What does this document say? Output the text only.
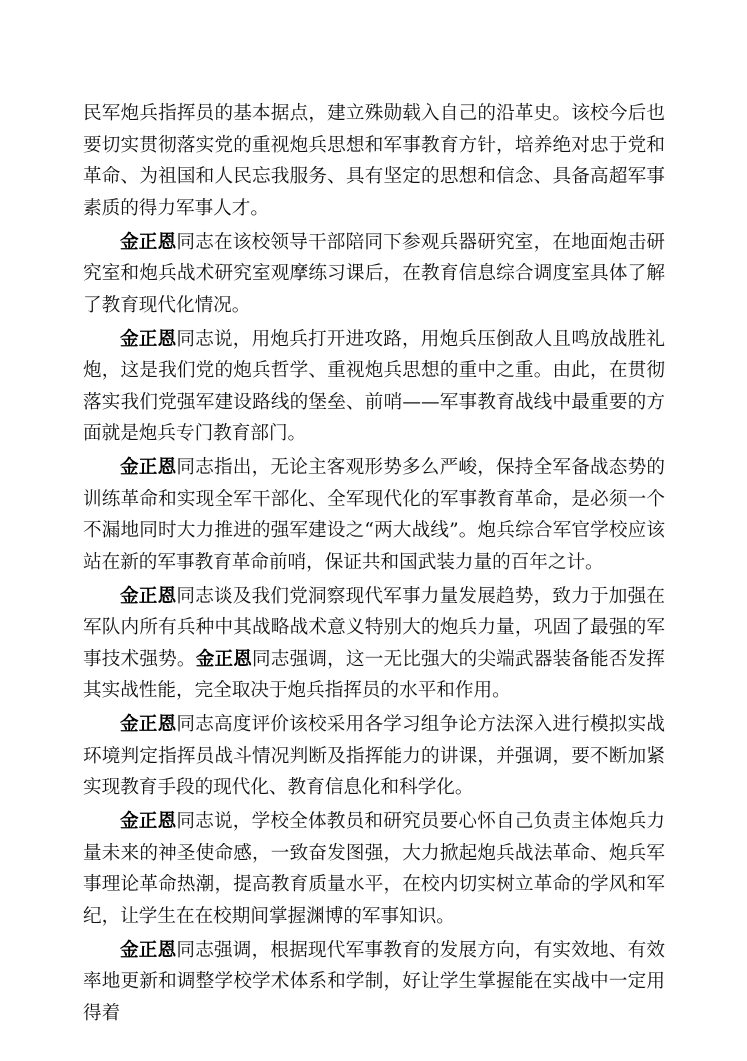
民军炮兵指挥员的基本据点，建立殊勋载入自己的沿革史。该校今后也要切实贯彻落实党的重视炮兵思想和军事教育方针，培养绝对忠于党和革命、为祖国和人民忘我服务、具有坚定的思想和信念、具备高超军事素质的得力军事人才。

金正恩同志在该校领导干部陪同下参观兵器研究室，在地面炮击研究室和炮兵战术研究室观摩练习课后，在教育信息综合调度室具体了解了教育现代化情况。

金正恩同志说，用炮兵打开进攻路，用炮兵压倒敌人且鸣放战胜礼炮，这是我们党的炮兵哲学、重视炮兵思想的重中之重。由此，在贯彻落实我们党强军建设路线的堡垒、前哨——军事教育战线中最重要的方面就是炮兵专门教育部门。

金正恩同志指出，无论主客观形势多么严峻，保持全军备战态势的训练革命和实现全军干部化、全军现代化的军事教育革命，是必须一个不漏地同时大力推进的强军建设之“两大战线”。炮兵综合军官学校应该站在新的军事教育革命前哨，保证共和国武装力量的百年之计。

金正恩同志谈及我们党洞察现代军事力量发展趋势，致力于加强在军队内所有兵种中其战略战术意义特别大的炮兵力量，巩固了最强的军事技术强势。金正恩同志强调，这一无比强大的尖端武器装备能否发挥其实战性能，完全取决于炮兵指挥员的水平和作用。

金正恩同志高度评价该校采用各学习组争论方法深入进行模拟实战环境判定指挥员战斗情况判断及指挥能力的讲课，并强调，要不断加紧实现教育手段的现代化、教育信息化和科学化。

金正恩同志说，学校全体教员和研究员要心怀自己负责主体炮兵力量未来的神圣使命感，一致奋发图强，大力掀起炮兵战法革命、炮兵军事理论革命热潮，提高教育质量水平，在校内切实树立革命的学风和军纪，让学生在在校期间掌握渊博的军事知识。

金正恩同志强调，根据现代军事教育的发展方向，有实效地、有效率地更新和调整学校学术体系和学制，好让学生掌握能在实战中一定用得着
